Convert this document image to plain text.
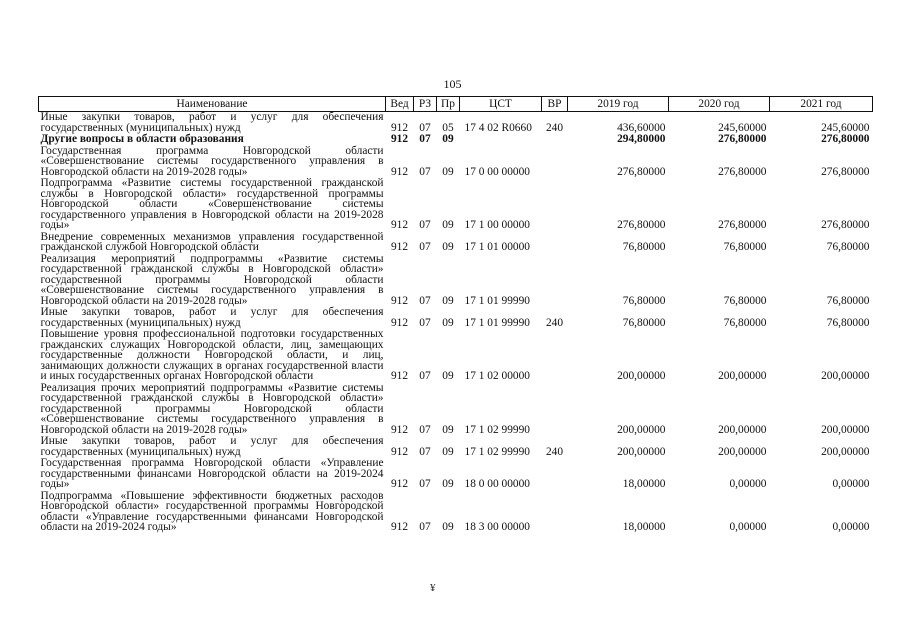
105
Наименование	Вед	РЗ	Пр	ЦСТ	ВР	2019 год	2020 год	2021 год
Иные закупки товаров, работ и услуг для обеспечения государственных (муниципальных) нужд	912	07	05	17 4 02 R0660	240	436,60000	245,60000	245,60000
Другие вопросы в области образования	912	07	09			294,80000	276,80000	276,80000
Государственная программа Новгородской области «Совершенствование системы государственного управления в Новгородской области на 2019-2028 годы»	912	07	09	17 0 00 00000		276,80000	276,80000	276,80000
Подпрограмма «Развитие системы государственной гражданской службы в Новгородской области» государственной программы Новгородской области «Совершенствование системы государственного управления в Новгородской области на 2019-2028 годы»	912	07	09	17 1 00 00000		276,80000	276,80000	276,80000
Внедрение современных механизмов управления государственной гражданской службой Новгородской области	912	07	09	17 1 01 00000		76,80000	76,80000	76,80000
Реализация мероприятий подпрограммы «Развитие системы государственной гражданской службы в Новгородской области» государственной программы Новгородской области «Совершенствование системы государственного управления в Новгородской области на 2019-2028 годы»	912	07	09	17 1 01 99990		76,80000	76,80000	76,80000
Иные закупки товаров, работ и услуг для обеспечения государственных (муниципальных) нужд	912	07	09	17 1 01 99990	240	76,80000	76,80000	76,80000
Повышение уровня профессиональной подготовки государственных гражданских служащих Новгородской области, лиц, замещающих государственные должности Новгородской области, и лиц, занимающих должности служащих в органах государственной власти и иных государственных органах Новгородской области	912	07	09	17 1 02 00000		200,00000	200,00000	200,00000
Реализация прочих мероприятий подпрограммы «Развитие системы государственной гражданской службы в Новгородской области» государственной программы Новгородской области «Совершенствование системы государственного управления в Новгородской области на 2019-2028 годы»	912	07	09	17 1 02 99990		200,00000	200,00000	200,00000
Иные закупки товаров, работ и услуг для обеспечения государственных (муниципальных) нужд	912	07	09	17 1 02 99990	240	200,00000	200,00000	200,00000
Государственная программа Новгородской области «Управление государственными финансами Новгородской области на 2019-2024 годы»	912	07	09	18 0 00 00000		18,00000	0,00000	0,00000
Подпрограмма «Повышение эффективности бюджетных расходов Новгородской области» государственной программы Новгородской области «Управление государственными финансами Новгородской области на 2019-2024 годы»	912	07	09	18 3 00 00000		18,00000	0,00000	0,00000
¥
